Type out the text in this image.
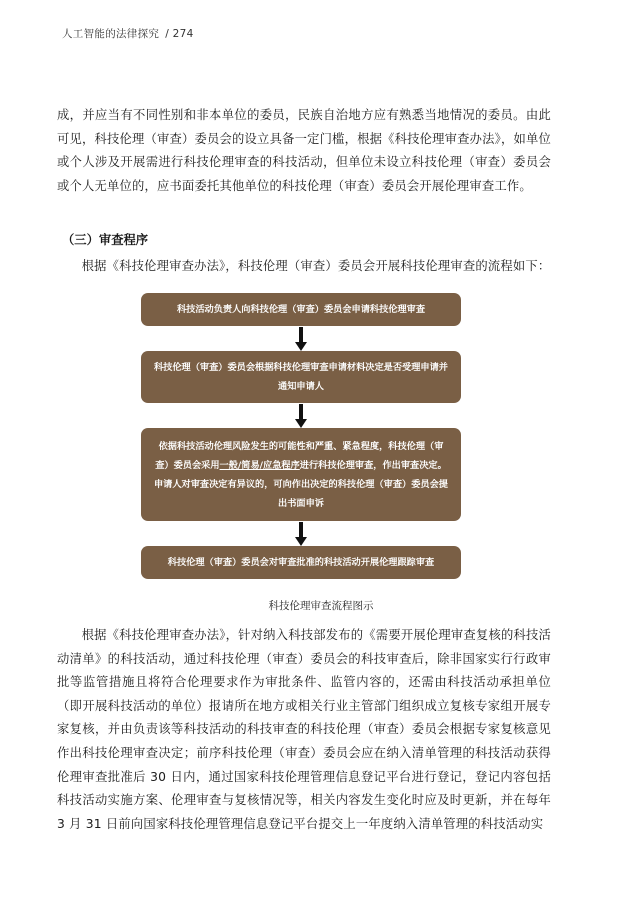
人工智能的法律探究 / 274

成，并应当有不同性别和非本单位的委员，民族自治地方应有熟悉当地情况的委员。由此可见，科技伦理（审查）委员会的设立具备一定门槛，根据《科技伦理审查办法》，如单位或个人涉及开展需进行科技伦理审查的科技活动，但单位未设立科技伦理（审查）委员会或个人无单位的，应书面委托其他单位的科技伦理（审查）委员会开展伦理审查工作。

（三）审查程序

根据《科技伦理审查办法》，科技伦理（审查）委员会开展科技伦理审查的流程如下：

科技活动负责人向科技伦理（审查）委员会申请科技伦理审查
科技伦理（审查）委员会根据科技伦理审查申请材料决定是否受理申请并通知申请人
依据科技活动伦理风险发生的可能性和严重、紧急程度，科技伦理（审查）委员会采用一般/简易/应急程序进行科技伦理审查，作出审查决定。申请人对审查决定有异议的，可向作出决定的科技伦理（审查）委员会提出书面申诉
科技伦理（审查）委员会对审查批准的科技活动开展伦理跟踪审查
科技伦理审查流程图示

根据《科技伦理审查办法》，针对纳入科技部发布的《需要开展伦理审查复核的科技活动清单》的科技活动，通过科技伦理（审查）委员会的科技审查后，除非国家实行行政审批等监管措施且将符合伦理要求作为审批条件、监管内容的，还需由科技活动承担单位（即开展科技活动的单位）报请所在地方或相关行业主管部门组织成立复核专家组开展专家复核，并由负责该等科技活动的科技审查的科技伦理（审查）委员会根据专家复核意见作出科技伦理审查决定；前序科技伦理（审查）委员会应在纳入清单管理的科技活动获得伦理审查批准后 30 日内，通过国家科技伦理管理信息登记平台进行登记，登记内容包括科技活动实施方案、伦理审查与复核情况等，相关内容发生变化时应及时更新，并在每年 3 月 31 日前向国家科技伦理管理信息登记平台提交上一年度纳入清单管理的科技活动实
